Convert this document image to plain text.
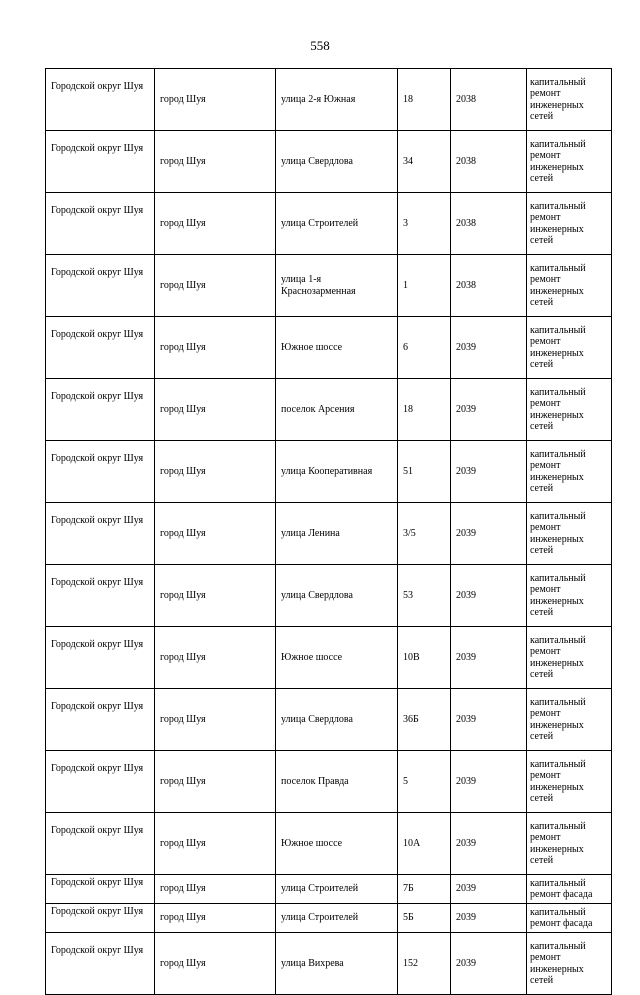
558
Городской округ Шуя	город Шуя	улица 2-я Южная	18	2038	капитальный ремонт инженерных сетей
Городской округ Шуя	город Шуя	улица Свердлова	34	2038	капитальный ремонт инженерных сетей
Городской округ Шуя	город Шуя	улица Строителей	3	2038	капитальный ремонт инженерных сетей
Городской округ Шуя	город Шуя	улица 1-я Краснозарменная	1	2038	капитальный ремонт инженерных сетей
Городской округ Шуя	город Шуя	Южное шоссе	6	2039	капитальный ремонт инженерных сетей
Городской округ Шуя	город Шуя	поселок Арсения	18	2039	капитальный ремонт инженерных сетей
Городской округ Шуя	город Шуя	улица Кооперативная	51	2039	капитальный ремонт инженерных сетей
Городской округ Шуя	город Шуя	улица Ленина	3/5	2039	капитальный ремонт инженерных сетей
Городской округ Шуя	город Шуя	улица Свердлова	53	2039	капитальный ремонт инженерных сетей
Городской округ Шуя	город Шуя	Южное шоссе	10В	2039	капитальный ремонт инженерных сетей
Городской округ Шуя	город Шуя	улица Свердлова	36Б	2039	капитальный ремонт инженерных сетей
Городской округ Шуя	город Шуя	поселок Правда	5	2039	капитальный ремонт инженерных сетей
Городской округ Шуя	город Шуя	Южное шоссе	10А	2039	капитальный ремонт инженерных сетей
Городской округ Шуя	город Шуя	улица Строителей	7Б	2039	капитальный ремонт фасада
Городской округ Шуя	город Шуя	улица Строителей	5Б	2039	капитальный ремонт фасада
Городской округ Шуя	город Шуя	улица Вихрева	152	2039	капитальный ремонт инженерных сетей
